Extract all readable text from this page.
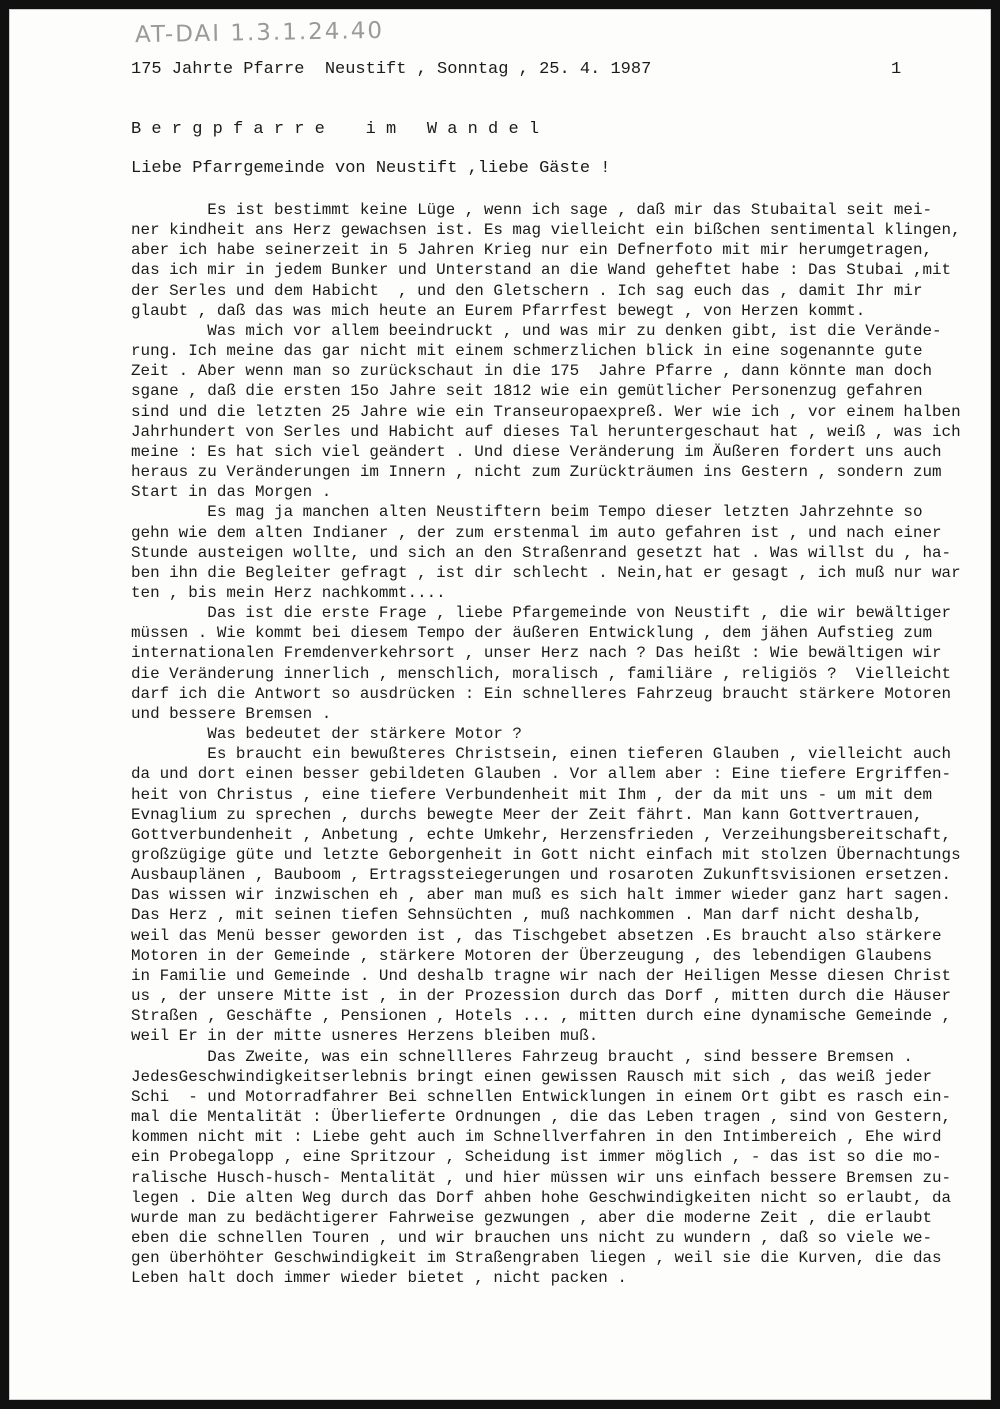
AT-DAI 1.3.1.24.40
175 Jahrte Pfarre  Neustift , Sonntag , 25. 4. 1987	1
B e r g p f a r r e    i m   W a n d e l
Liebe Pfarrgemeinde von Neustift ,liebe Gäste !
Es ist bestimmt keine Lüge , wenn ich sage , daß mir das Stubaital seit mei-
ner kindheit ans Herz gewachsen ist. Es mag vielleicht ein bißchen sentimental klingen,
aber ich habe seinerzeit in 5 Jahren Krieg nur ein Defnerfoto mit mir herumgetragen,
das ich mir in jedem Bunker und Unterstand an die Wand geheftet habe : Das Stubai ,mit
der Serles und dem Habicht  , und den Gletschern . Ich sag euch das , damit Ihr mir
glaubt , daß das was mich heute an Eurem Pfarrfest bewegt , von Herzen kommt.
Was mich vor allem beeindruckt , und was mir zu denken gibt, ist die Verände-
rung. Ich meine das gar nicht mit einem schmerzlichen blick in eine sogenannte gute
Zeit . Aber wenn man so zurückschaut in die 175  Jahre Pfarre , dann könnte man doch
sgane , daß die ersten 15o Jahre seit 1812 wie ein gemütlicher Personenzug gefahren
sind und die letzten 25 Jahre wie ein Transeuropaexpreß. Wer wie ich , vor einem halben
Jahrhundert von Serles und Habicht auf dieses Tal heruntergeschaut hat , weiß , was ich
meine : Es hat sich viel geändert . Und diese Veränderung im Äußeren fordert uns auch
heraus zu Veränderungen im Innern , nicht zum Zurückträumen ins Gestern , sondern zum
Start in das Morgen .
Es mag ja manchen alten Neustiftern beim Tempo dieser letzten Jahrzehnte so
gehn wie dem alten Indianer , der zum erstenmal im auto gefahren ist , und nach einer
Stunde austeigen wollte, und sich an den Straßenrand gesetzt hat . Was willst du , ha-
ben ihn die Begleiter gefragt , ist dir schlecht . Nein,hat er gesagt , ich muß nur war
ten , bis mein Herz nachkommt....
Das ist die erste Frage , liebe Pfargemeinde von Neustift , die wir bewältiger
müssen . Wie kommt bei diesem Tempo der äußeren Entwicklung , dem jähen Aufstieg zum
internationalen Fremdenverkehrsort , unser Herz nach ? Das heißt : Wie bewältigen wir
die Veränderung innerlich , menschlich, moralisch , familiäre , religiös ?  Vielleicht
darf ich die Antwort so ausdrücken : Ein schnelleres Fahrzeug braucht stärkere Motoren
und bessere Bremsen .
Was bedeutet der stärkere Motor ?
Es braucht ein bewußteres Christsein, einen tieferen Glauben , vielleicht auch
da und dort einen besser gebildeten Glauben . Vor allem aber : Eine tiefere Ergriffen-
heit von Christus , eine tiefere Verbundenheit mit Ihm , der da mit uns - um mit dem
Evnaglium zu sprechen , durchs bewegte Meer der Zeit fährt. Man kann Gottvertrauen,
Gottverbundenheit , Anbetung , echte Umkehr, Herzensfrieden , Verzeihungsbereitschaft,
großzügige güte und letzte Geborgenheit in Gott nicht einfach mit stolzen Übernachtungs
Ausbauplänen , Bauboom , Ertragssteiegerungen und rosaroten Zukunftsvisionen ersetzen.
Das wissen wir inzwischen eh , aber man muß es sich halt immer wieder ganz hart sagen.
Das Herz , mit seinen tiefen Sehnsüchten , muß nachkommen . Man darf nicht deshalb,
weil das Menü besser geworden ist , das Tischgebet absetzen .Es braucht also stärkere
Motoren in der Gemeinde , stärkere Motoren der Überzeugung , des lebendigen Glaubens
in Familie und Gemeinde . Und deshalb tragne wir nach der Heiligen Messe diesen Christ
us , der unsere Mitte ist , in der Prozession durch das Dorf , mitten durch die Häuser
Straßen , Geschäfte , Pensionen , Hotels ... , mitten durch eine dynamische Gemeinde ,
weil Er in der mitte usneres Herzens bleiben muß.
Das Zweite, was ein schnellleres Fahrzeug braucht , sind bessere Bremsen .
JedesGeschwindigkeitserlebnis bringt einen gewissen Rausch mit sich , das weiß jeder
Schi  - und Motorradfahrer Bei schnellen Entwicklungen in einem Ort gibt es rasch ein-
mal die Mentalität : Überlieferte Ordnungen , die das Leben tragen , sind von Gestern,
kommen nicht mit : Liebe geht auch im Schnellverfahren in den Intimbereich , Ehe wird
ein Probegalopp , eine Spritzour , Scheidung ist immer möglich , - das ist so die mo-
ralische Husch-husch- Mentalität , und hier müssen wir uns einfach bessere Bremsen zu-
legen . Die alten Weg durch das Dorf ahben hohe Geschwindigkeiten nicht so erlaubt, da
wurde man zu bedächtigerer Fahrweise gezwungen , aber die moderne Zeit , die erlaubt
eben die schnellen Touren , und wir brauchen uns nicht zu wundern , daß so viele we-
gen überhöhter Geschwindigkeit im Straßengraben liegen , weil sie die Kurven, die das
Leben halt doch immer wieder bietet , nicht packen .
